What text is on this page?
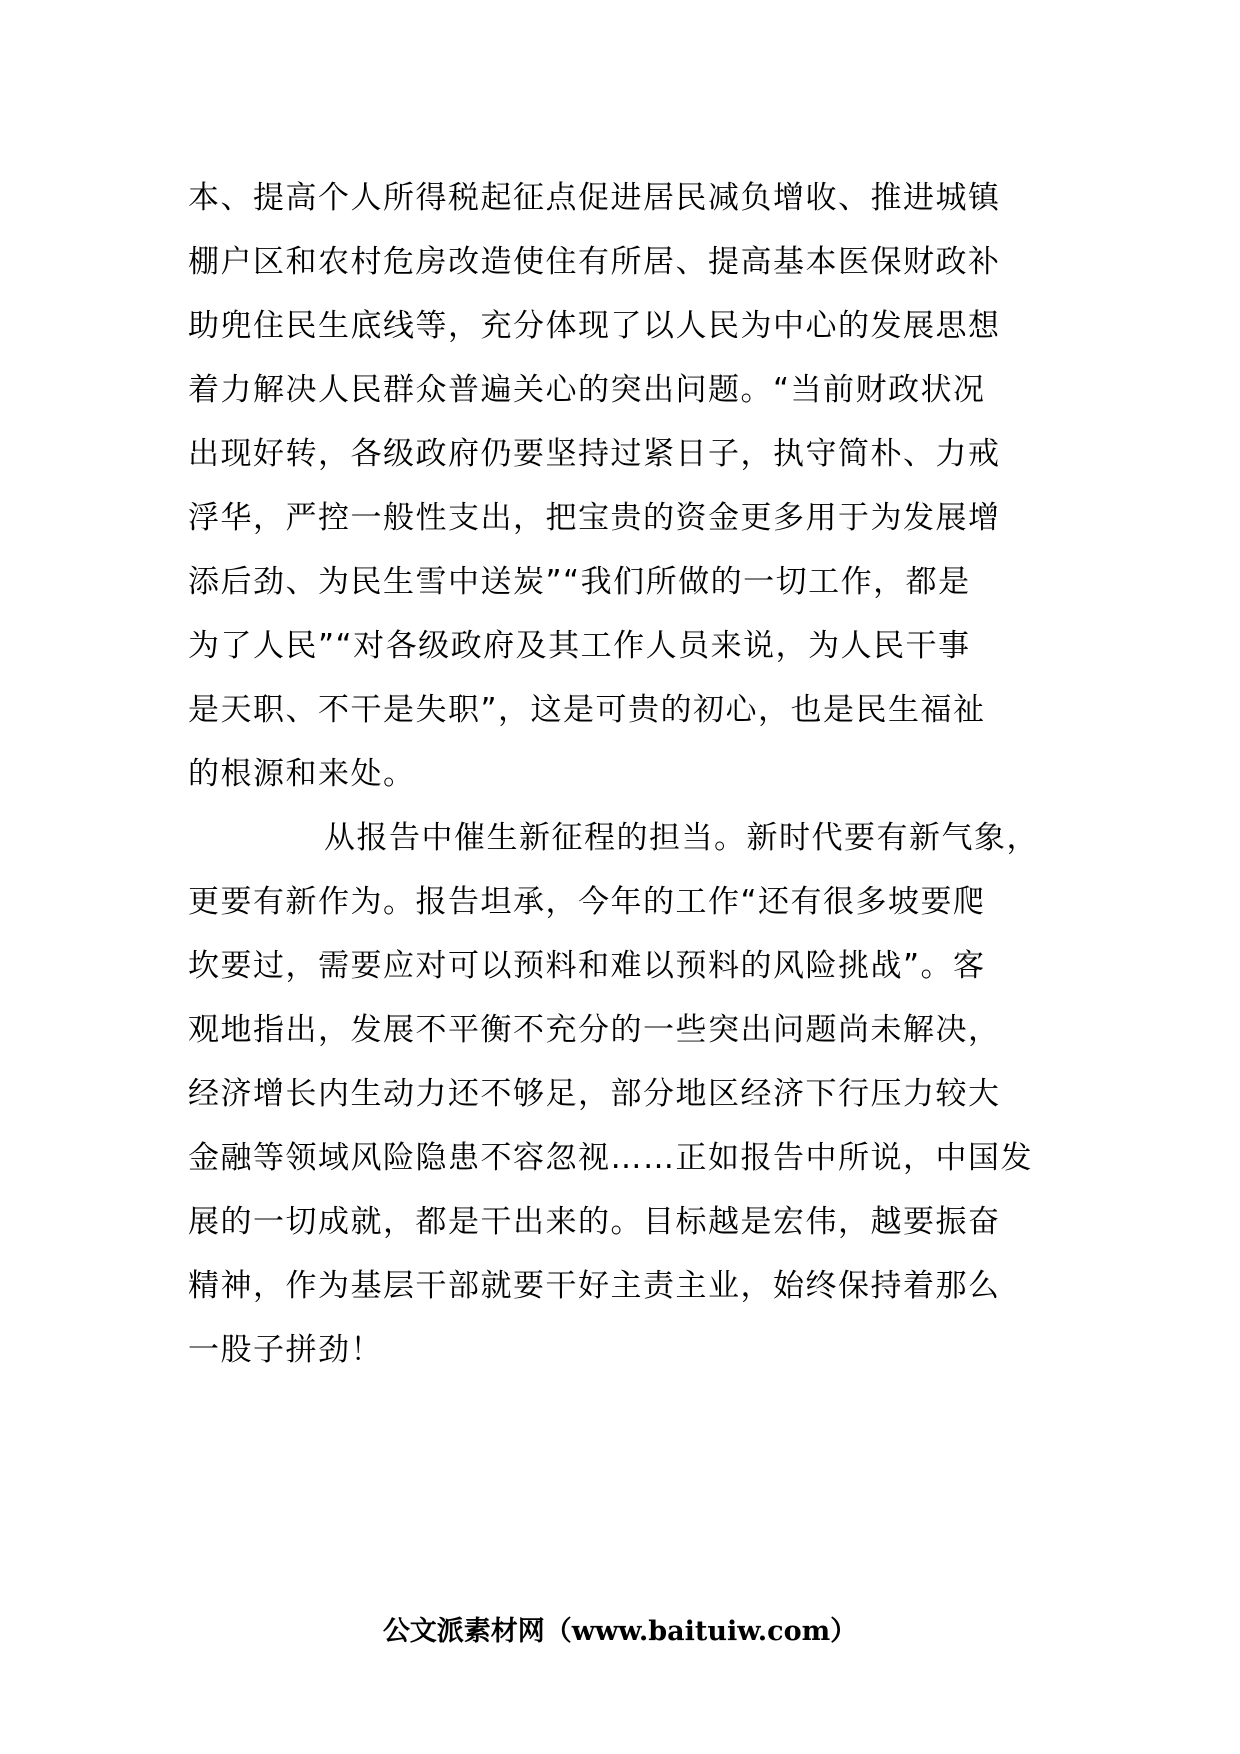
本、提高个人所得税起征点促进居民减负增收、推进城镇
棚户区和农村危房改造使住有所居、提高基本医保财政补
助兜住民生底线等，充分体现了以人民为中心的发展思想
着力解决人民群众普遍关心的突出问题。“当前财政状况
出现好转，各级政府仍要坚持过紧日子，执守简朴、力戒
浮华，严控一般性支出，把宝贵的资金更多用于为发展增
添后劲、为民生雪中送炭”“我们所做的一切工作，都是
为了人民”“对各级政府及其工作人员来说，为人民干事
是天职、不干是失职”，这是可贵的初心，也是民生福祉
的根源和来处。
从报告中催生新征程的担当。新时代要有新气象，
更要有新作为。报告坦承，今年的工作“还有很多坡要爬
坎要过，需要应对可以预料和难以预料的风险挑战”。客
观地指出，发展不平衡不充分的一些突出问题尚未解决，
经济增长内生动力还不够足，部分地区经济下行压力较大
金融等领域风险隐患不容忽视……正如报告中所说，中国发
展的一切成就，都是干出来的。目标越是宏伟，越要振奋
精神，作为基层干部就要干好主责主业，始终保持着那么
一股子拼劲！
公文派素材网（www.baituiw.com）
